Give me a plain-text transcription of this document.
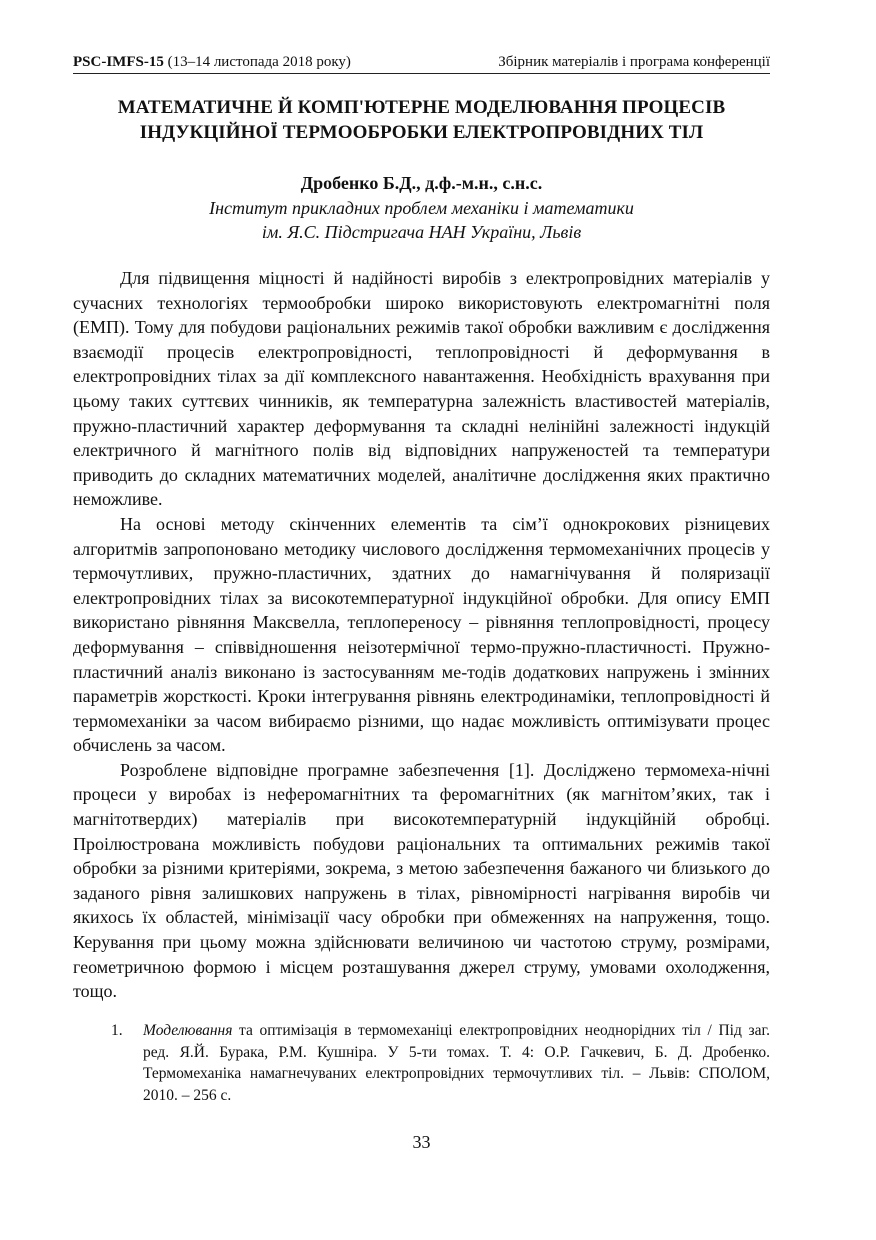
PSC-IMFS-15 (13–14 листопада 2018 року)	Збірник матеріалів і програма конференції
МАТЕМАТИЧНЕ Й КОМП'ЮТЕРНЕ МОДЕЛЮВАННЯ ПРОЦЕСІВ
ІНДУКЦІЙНОЇ ТЕРМООБРОБКИ ЕЛЕКТРОПРОВІДНИХ ТІЛ
Дробенко Б.Д., д.ф.-м.н., с.н.с.
Інститут прикладних проблем механіки і математики
ім. Я.С. Підстригача НАН України, Львів

Для підвищення міцності й надійності виробів з електропровідних матеріалів у сучасних технологіях термообробки широко використовують електромагнітні поля (ЕМП). Тому для побудови раціональних режимів такої обробки важливим є дослідження взаємодії процесів електропровідності, теплопровідності й деформування в електропровідних тілах за дії комплексного навантаження. Необхідність врахування при цьому таких суттєвих чинників, як температурна залежність властивостей матеріалів, пружно-пластичний характер деформування та складні нелінійні залежності індукцій електричного й магнітного полів від відповідних напруженостей та температури приводить до складних математичних моделей, аналітичне дослідження яких практично неможливе.

На основі методу скінченних елементів та сім’ї однокрокових різницевих алгоритмів запропоновано методику числового дослідження термомеханічних процесів у термочутливих, пружно-пластичних, здатних до намагнічування й поляризації електропровідних тілах за високотемпературної індукційної обробки. Для опису ЕМП використано рівняння Максвелла, теплопереносу – рівняння теплопровідності, процесу деформування – співвідношення неізотермічної термо-пружно-пластичності. Пружно-пластичний аналіз виконано із застосуванням ме-тодів додаткових напружень і змінних параметрів жорсткості. Кроки інтегрування рівнянь електродинаміки, теплопровідності й термомеханіки за часом вибираємо різними, що надає можливість оптимізувати процес обчислень за часом.

Розроблене відповідне програмне забезпечення [1]. Досліджено термомеха-нічні процеси у виробах із неферомагнітних та феромагнітних (як магнітом’яких, так і магнітотвердих) матеріалів при високотемпературній індукційній обробці. Проілюстрована можливість побудови раціональних та оптимальних режимів такої обробки за різними критеріями, зокрема, з метою забезпечення бажаного чи близького до заданого рівня залишкових напружень в тілах, рівномірності нагрівання виробів чи якихось їх областей, мінімізації часу обробки при обмеженнях на напруження, тощо. Керування при цьому можна здійснювати величиною чи частотою струму, розмірами, геометричною формою і місцем розташування джерел струму, умовами охолодження, тощо.

1. Моделювання та оптимізація в термомеханіці електропровідних неоднорідних тіл / Під заг. ред. Я.Й. Бурака, Р.М. Кушніра. У 5-ти томах. Т. 4: О.Р. Гачкевич, Б. Д. Дробенко. Термомеханіка намагнечуваних електропровідних термочутливих тіл. – Львів: СПОЛОМ, 2010. – 256 с.
33
